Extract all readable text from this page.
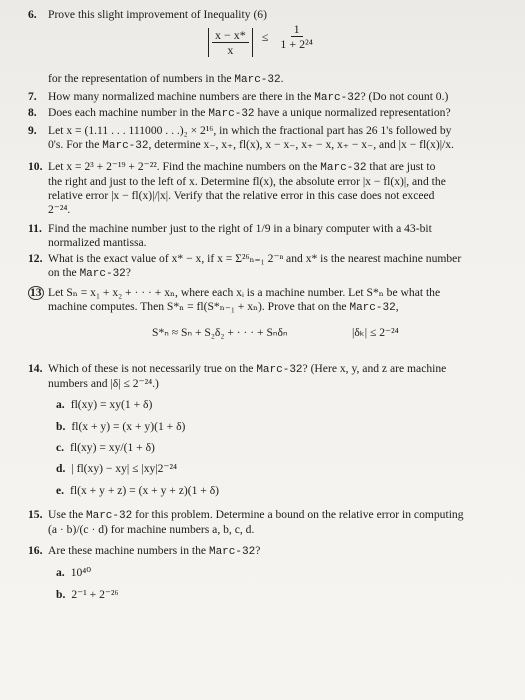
6. Prove this slight improvement of Inequality (6)
$\frac{x - x*}{x} \le \frac{1}{\text{1 + 2²⁴}}$
for the representation of numbers in the Marc-32.
7. How many normalized machine numbers are there in the Marc-32? (Do not count 0.)
8. Does each machine number in the Marc-32 have a unique normalized representation?
9. Let x = (1.11 . . . 111000 . . .)₂ × 2¹⁶, in which the fractional part has 26 1's followed by
0's. For the Marc-32, determine x₋, x₊, fl(x), x − x₋, x₊ − x, x₊ − x₋, and |x − fl(x)|/x.
10. Let x = 2³ + 2⁻¹⁹ + 2⁻²². Find the machine numbers on the Marc-32 that are just to
the right and just to the left of x. Determine fl(x), the absolute error |x − fl(x)|, and the
relative error |x − fl(x)|/|x|. Verify that the relative error in this case does not exceed
2⁻²⁴.
11. Find the machine number just to the right of 1/9 in a binary computer with a 43-bit
normalized mantissa.
12. What is the exact value of x* − x, if x = Σ²⁶ₙ₌₁ 2⁻ⁿ and x* is the nearest machine number
on the Marc-32?
13 Let Sₙ = x₁ + x₂ + · · · + xₙ, where each xᵢ is a machine number. Let S*ₙ be what the
machine computes. Then S*ₙ = fl(S*ₙ₋₁ + xₙ). Prove that on the Marc-32,
S*ₙ ≈ Sₙ + S₂δ₂ + · · · + Sₙδₙ	|δₖ| ≤ 2⁻²⁴
14. Which of these is not necessarily true on the Marc-32? (Here x, y, and z are machine
numbers and |δ| ≤ 2⁻²⁴.)
a. fl(xy) = xy(1 + δ)
b. fl(x + y) = (x + y)(1 + δ)
c. fl(xy) = xy/(1 + δ)
d. | fl(xy) − xy| ≤ |xy|2⁻²⁴
e. fl(x + y + z) = (x + y + z)(1 + δ)
15. Use the Marc-32 for this problem. Determine a bound on the relative error in computing
(a · b)/(c · d) for machine numbers a, b, c, d.
16. Are these machine numbers in the Marc-32?
a. 10⁴⁰
b. 2⁻¹ + 2⁻²⁶
